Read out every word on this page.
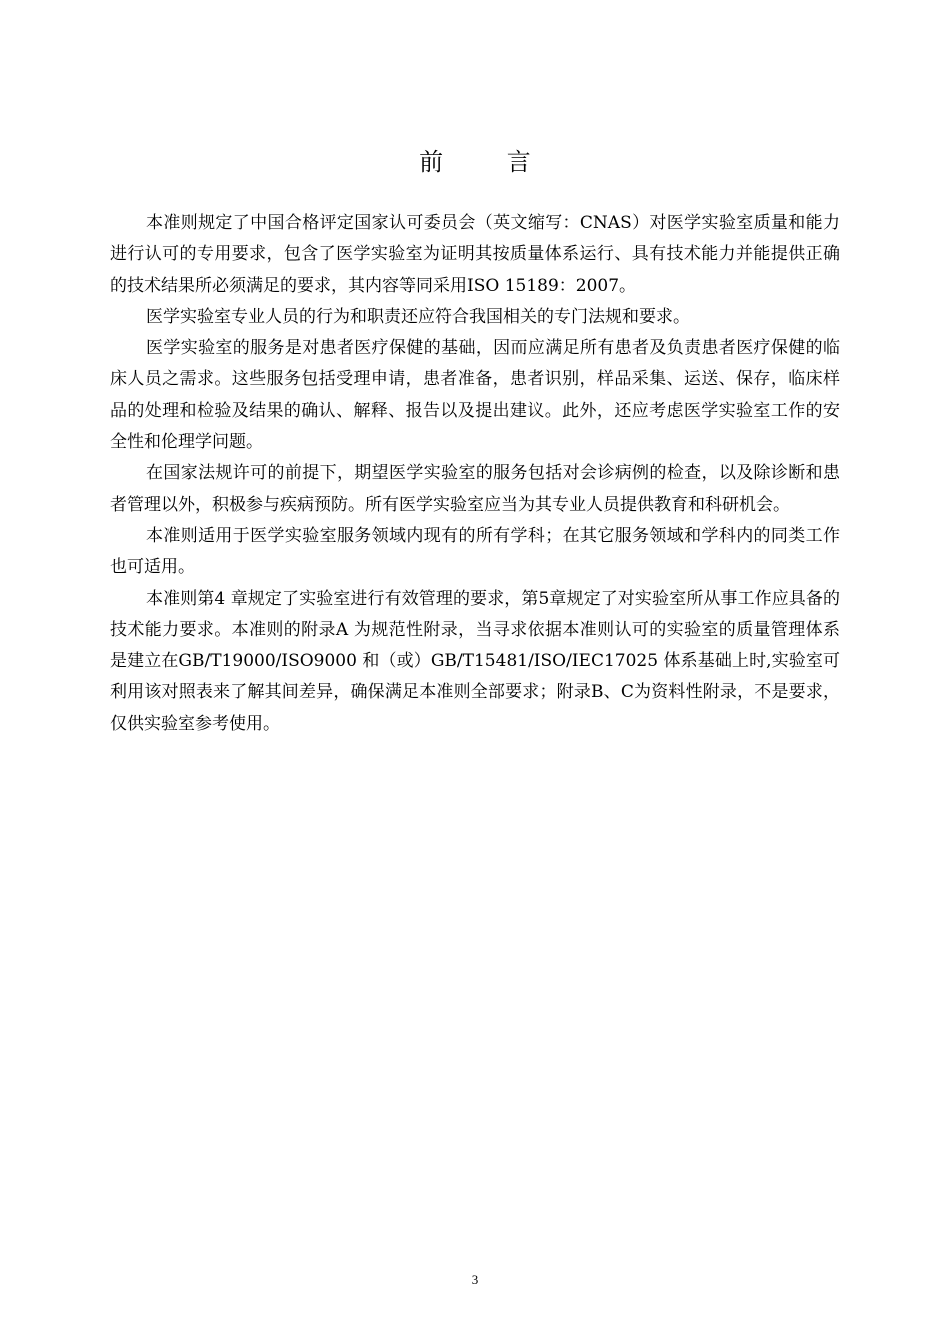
前 言

本准则规定了中国合格评定国家认可委员会（英文缩写：CNAS）对医学实验室质量和能力进行认可的专用要求，包含了医学实验室为证明其按质量体系运行、具有技术能力并能提供正确的技术结果所必须满足的要求，其内容等同采用ISO 15189：2007。

医学实验室专业人员的行为和职责还应符合我国相关的专门法规和要求。

医学实验室的服务是对患者医疗保健的基础，因而应满足所有患者及负责患者医疗保健的临床人员之需求。这些服务包括受理申请，患者准备，患者识别，样品采集、运送、保存，临床样品的处理和检验及结果的确认、解释、报告以及提出建议。此外，还应考虑医学实验室工作的安全性和伦理学问题。

在国家法规许可的前提下，期望医学实验室的服务包括对会诊病例的检查，以及除诊断和患者管理以外，积极参与疾病预防。所有医学实验室应当为其专业人员提供教育和科研机会。

本准则适用于医学实验室服务领域内现有的所有学科；在其它服务领域和学科内的同类工作也可适用。

本准则第4 章规定了实验室进行有效管理的要求，第5章规定了对实验室所从事工作应具备的技术能力要求。本准则的附录A 为规范性附录，当寻求依据本准则认可的实验室的质量管理体系是建立在GB/T19000/ISO9000 和（或）GB/T15481/ISO/IEC17025 体系基础上时,实验室可利用该对照表来了解其间差异，确保满足本准则全部要求；附录B、C为资料性附录，不是要求，仅供实验室参考使用。

3
